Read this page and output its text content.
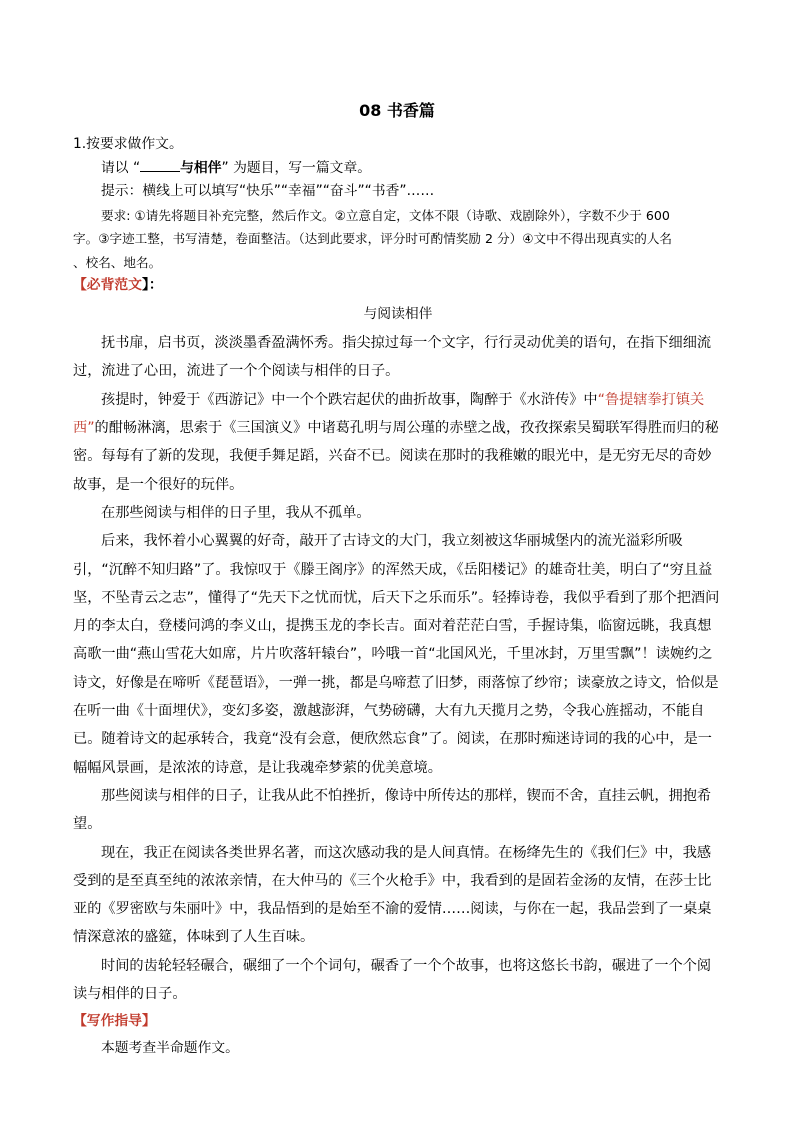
08 书香篇

1.按要求做作文。

请以 “	与相伴” 为题目，写一篇文章。

提示：横线上可以填写“快乐”“幸福”“奋斗”“书香”……

要求: ①请先将题目补充完整，然后作文。②立意自定，文体不限（诗歌、戏剧除外），字数不少于 600

字。③字迹工整，书写清楚，卷面整洁。（达到此要求，评分时可酌情奖励 2 分）④文中不得出现真实的人名

、校名、地名。

【必背范文】：

与阅读相伴

抚书扉，启书页，淡淡墨香盈满怀秀。指尖掠过每一个文字，行行灵动优美的语句，在指下细细流过，流进了心田，流进了一个个阅读与相伴的日子。

孩提时，钟爱于《西游记》中一个个跌宕起伏的曲折故事，陶醉于《水浒传》中“鲁提辖拳打镇关西”的酣畅淋漓，思索于《三国演义》中诸葛孔明与周公瑾的赤壁之战，孜孜探索吴蜀联军得胜而归的秘密。每每有了新的发现，我便手舞足蹈，兴奋不已。阅读在那时的我稚嫩的眼光中，是无穷无尽的奇妙故事，是一个很好的玩伴。

在那些阅读与相伴的日子里，我从不孤单。

后来，我怀着小心翼翼的好奇，敲开了古诗文的大门，我立刻被这华丽城堡内的流光溢彩所吸引，“沉醉不知归路”了。我惊叹于《滕王阁序》的浑然天成，《岳阳楼记》的雄奇壮美，明白了“穷且益坚，不坠青云之志”，懂得了“先天下之忧而忧，后天下之乐而乐”。轻捧诗卷，我似乎看到了那个把酒问月的李太白，登楼问鸿的李义山，提携玉龙的李长吉。面对着茫茫白雪，手握诗集，临窗远眺，我真想高歌一曲“燕山雪花大如席，片片吹落轩辕台”，吟哦一首“北国风光，千里冰封，万里雪飘”！读婉约之诗文，好像是在啼听《琵琶语》，一弹一挑，都是乌啼惹了旧梦，雨落惊了纱帘；读豪放之诗文，恰似是在听一曲《十面埋伏》，变幻多姿，激越澎湃，气势磅礴，大有九天揽月之势，令我心旌摇动，不能自已。随着诗文的起承转合，我竟“没有会意，便欣然忘食”了。阅读，在那时痴迷诗词的我的心中，是一幅幅风景画，是浓浓的诗意，是让我魂牵梦萦的优美意境。

那些阅读与相伴的日子，让我从此不怕挫折，像诗中所传达的那样，锲而不舍，直挂云帆，拥抱希望。

现在，我正在阅读各类世界名著，而这次感动我的是人间真情。在杨绛先生的《我们仨》中，我感受到的是至真至纯的浓浓亲情，在大仲马的《三个火枪手》中，我看到的是固若金汤的友情，在莎士比亚的《罗密欧与朱丽叶》中，我品悟到的是始至不渝的爱情……阅读，与你在一起，我品尝到了一桌桌情深意浓的盛筵，体味到了人生百味。

时间的齿轮轻轻碾合，碾细了一个个词句，碾香了一个个故事，也将这悠长书韵，碾进了一个个阅读与相伴的日子。

【写作指导】

本题考查半命题作文。
